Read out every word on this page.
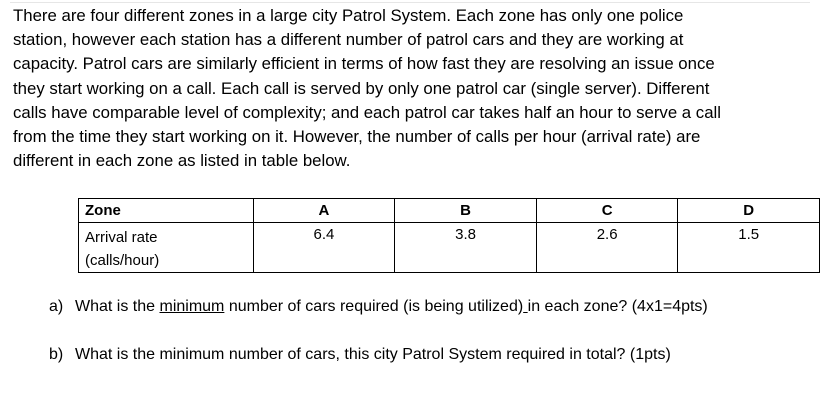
There are four different zones in a large city Patrol System. Each zone has only one police
station, however each station has a different number of patrol cars and they are working at
capacity. Patrol cars are similarly efficient in terms of how fast they are resolving an issue once
they start working on a call. Each call is served by only one patrol car (single server). Different
calls have comparable level of complexity; and each patrol car takes half an hour to serve a call
from the time they start working on it. However, the number of calls per hour (arrival rate) are
different in each zone as listed in table below.
Zone	A	B	C	D

Arrival rate
(calls/hour)	6.4	3.8	2.6	1.5
a) What is the minimum number of cars required (is being utilized) in each zone? (4x1=4pts)
b) What is the minimum number of cars, this city Patrol System required in total? (1pts)
